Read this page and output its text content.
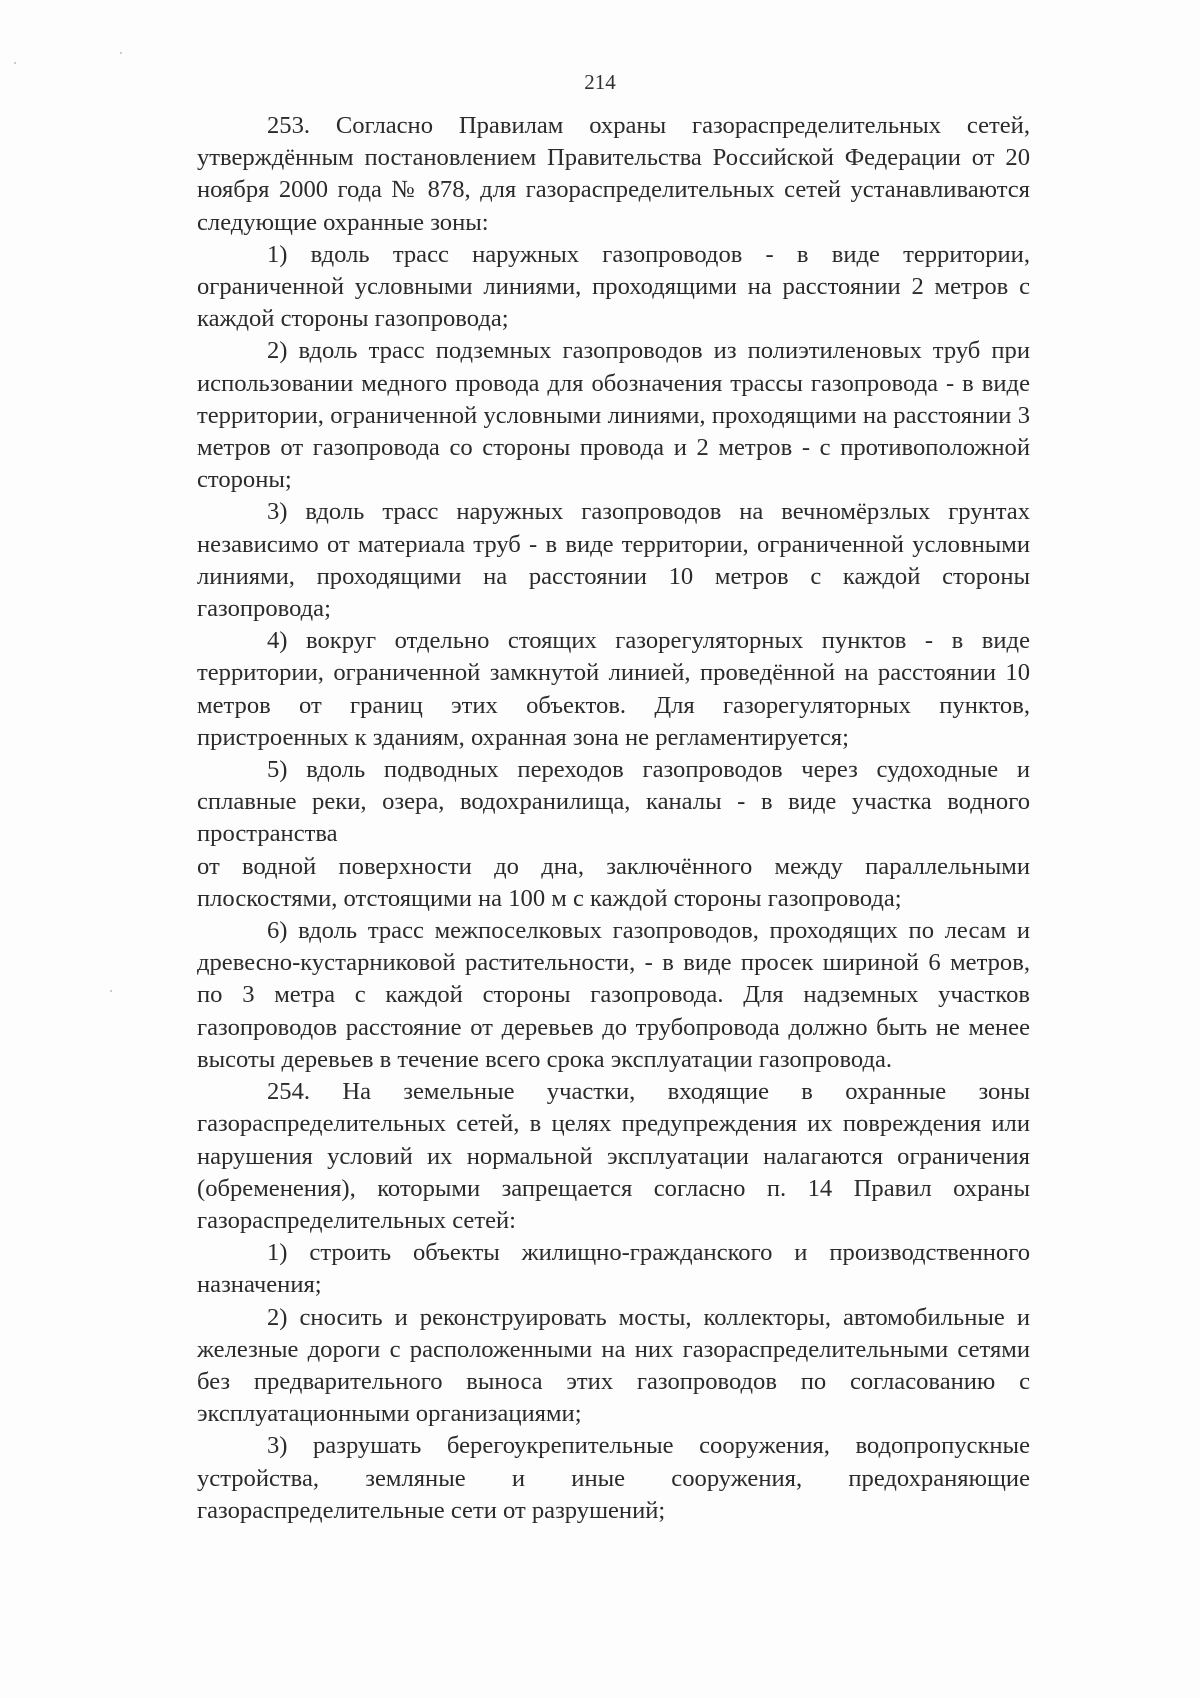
214

253. Согласно Правилам охраны газораспределительных сетей, утверждённым постановлением Правительства Российской Федерации от 20 ноября 2000 года № 878, для газораспределительных сетей устанавливаются следующие охранные зоны:

1) вдоль трасс наружных газопроводов - в виде территории, ограниченной условными линиями, проходящими на расстоянии 2 метров с каждой стороны газопровода;

2) вдоль трасс подземных газопроводов из полиэтиленовых труб при использовании медного провода для обозначения трассы газопровода - в виде территории, ограниченной условными линиями, проходящими на расстоянии 3 метров от газопровода со стороны провода и 2 метров - с противоположной стороны;

3) вдоль трасс наружных газопроводов на вечномёрзлых грунтах независимо от материала труб - в виде территории, ограниченной условными линиями, проходящими на расстоянии 10 метров с каждой стороны газопровода;

4) вокруг отдельно стоящих газорегуляторных пунктов - в виде территории, ограниченной замкнутой линией, проведённой на расстоянии 10 метров от границ этих объектов. Для газорегуляторных пунктов, пристроенных к зданиям, охранная зона не регламентируется;

5) вдоль подводных переходов газопроводов через судоходные и сплавные реки, озера, водохранилища, каналы - в виде участка водного пространства

от водной поверхности до дна, заключённого между параллельными плоскостями, отстоящими на 100 м с каждой стороны газопровода;

6) вдоль трасс межпоселковых газопроводов, проходящих по лесам и древесно-кустарниковой растительности, - в виде просек шириной 6 метров, по 3 метра с каждой стороны газопровода. Для надземных участков газопроводов расстояние от деревьев до трубопровода должно быть не менее высоты деревьев в течение всего срока эксплуатации газопровода.

254. На земельные участки, входящие в охранные зоны газораспределительных сетей, в целях предупреждения их повреждения или нарушения условий их нормальной эксплуатации налагаются ограничения (обременения), которыми запрещается согласно п. 14 Правил охраны газораспределительных сетей:

1) строить объекты жилищно-гражданского и производственного назначения;

2) сносить и реконструировать мосты, коллекторы, автомобильные и железные дороги с расположенными на них газораспределительными сетями без предварительного выноса этих газопроводов по согласованию с эксплуатационными организациями;

3) разрушать берегоукрепительные сооружения, водопропускные устройства, земляные и иные сооружения, предохраняющие газораспределительные сети от разрушений;
